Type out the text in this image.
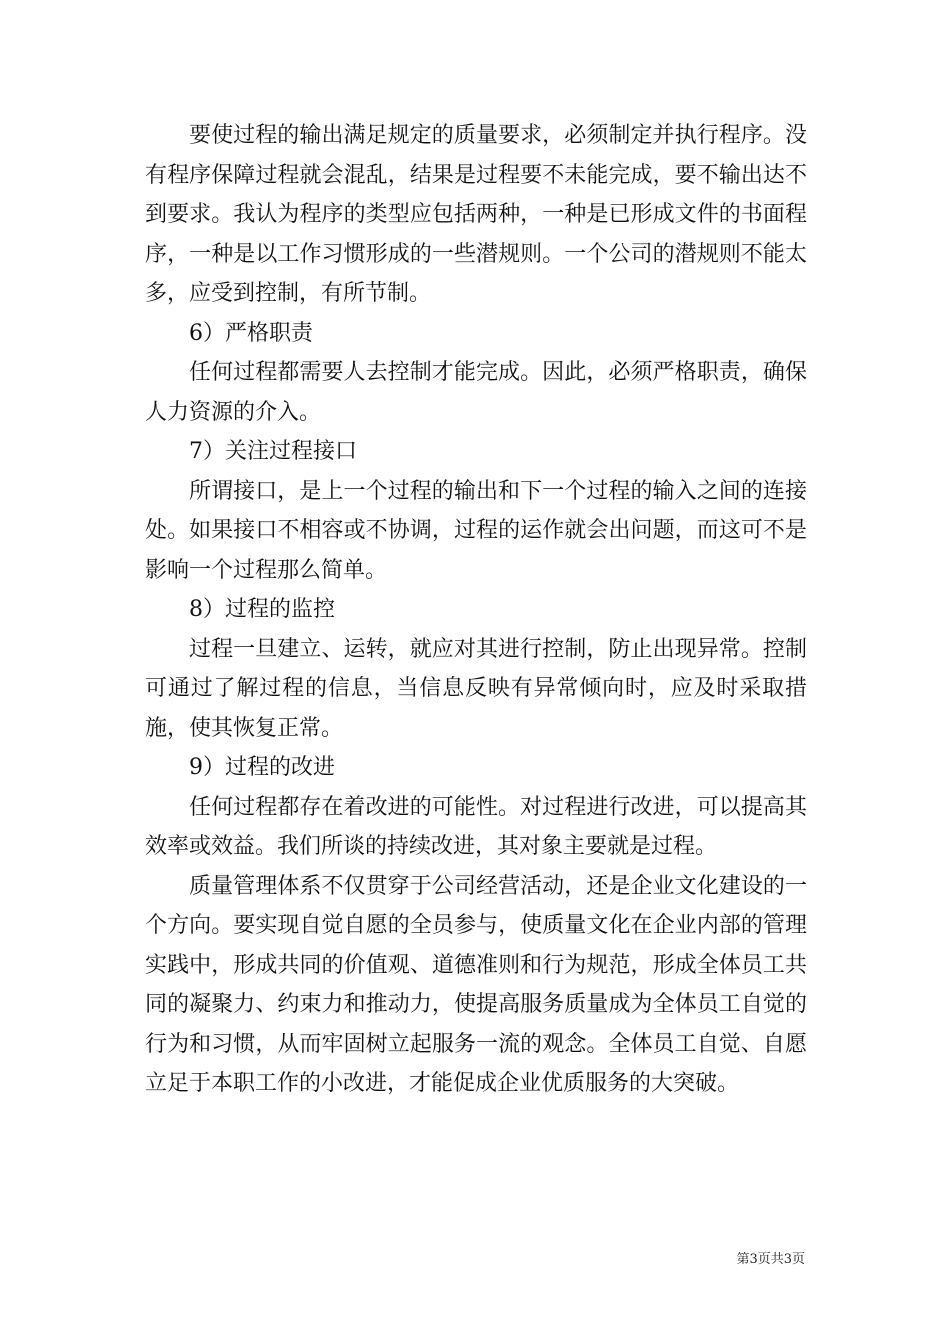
要使过程的输出满足规定的质量要求，必须制定并执行程序。没有程序保障过程就会混乱，结果是过程要不未能完成，要不输出达不到要求。我认为程序的类型应包括两种，一种是已形成文件的书面程序，一种是以工作习惯形成的一些潜规则。一个公司的潜规则不能太多，应受到控制，有所节制。

6）严格职责

任何过程都需要人去控制才能完成。因此，必须严格职责，确保人力资源的介入。

7）关注过程接口

所谓接口，是上一个过程的输出和下一个过程的输入之间的连接处。如果接口不相容或不协调，过程的运作就会出问题，而这可不是影响一个过程那么简单。

8）过程的监控

过程一旦建立、运转，就应对其进行控制，防止出现异常。控制可通过了解过程的信息，当信息反映有异常倾向时，应及时采取措施，使其恢复正常。

9）过程的改进

任何过程都存在着改进的可能性。对过程进行改进，可以提高其效率或效益。我们所谈的持续改进，其对象主要就是过程。

质量管理体系不仅贯穿于公司经营活动，还是企业文化建设的一个方向。要实现自觉自愿的全员参与，使质量文化在企业内部的管理实践中，形成共同的价值观、道德准则和行为规范，形成全体员工共同的凝聚力、约束力和推动力，使提高服务质量成为全体员工自觉的行为和习惯，从而牢固树立起服务一流的观念。全体员工自觉、自愿立足于本职工作的小改进，才能促成企业优质服务的大突破。

第3页共3页
